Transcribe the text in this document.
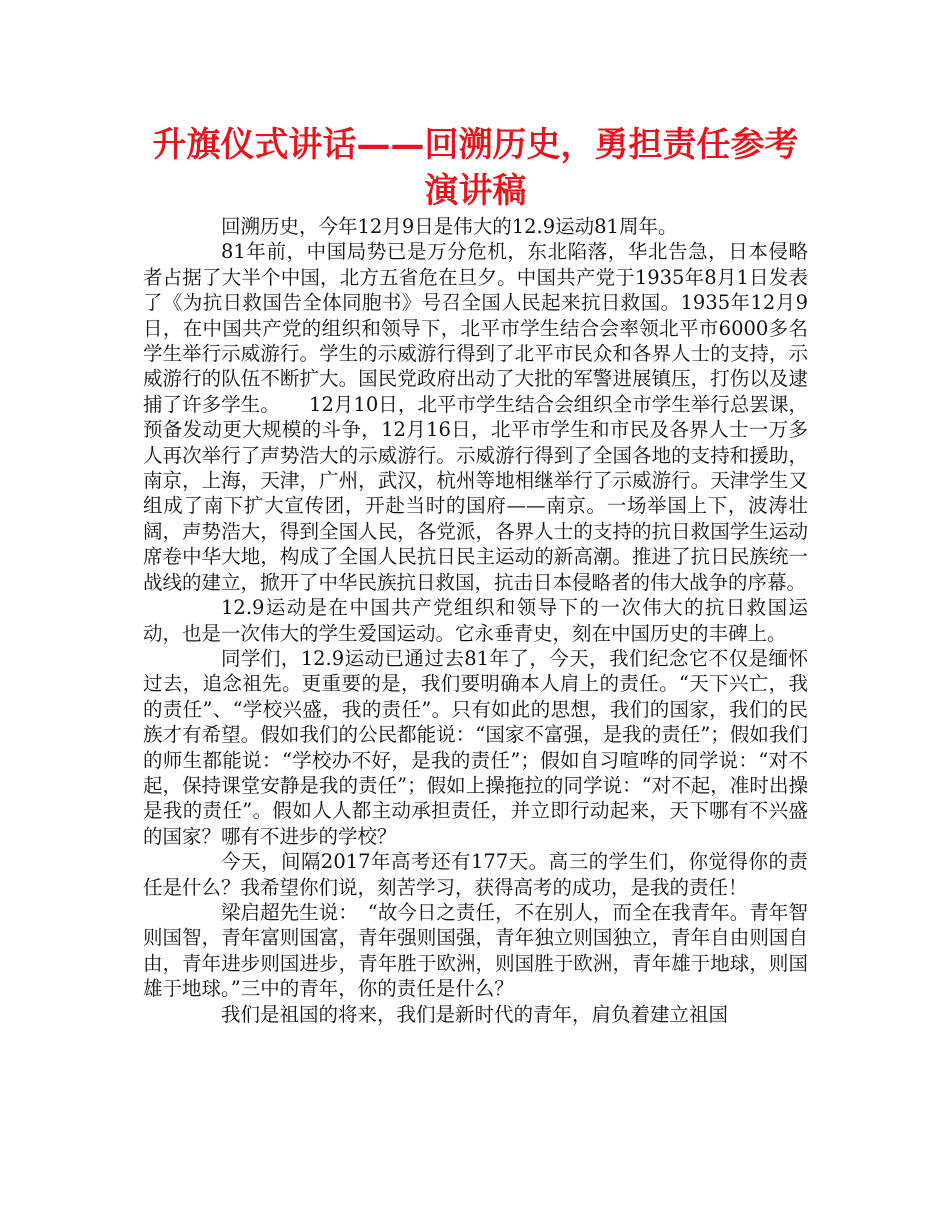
升旗仪式讲话——回溯历史，勇担责任参考演讲稿

回溯历史，今年12月9日是伟大的12.9运动81周年。

81年前，中国局势已是万分危机，东北陷落，华北告急，日本侵略者占据了大半个中国，北方五省危在旦夕。中国共产党于1935年8月1日发表了《为抗日救国告全体同胞书》号召全国人民起来抗日救国。1935年12月9日，在中国共产党的组织和领导下，北平市学生结合会率领北平市6000多名学生举行示威游行。学生的示威游行得到了北平市民众和各界人士的支持，示威游行的队伍不断扩大。国民党政府出动了大批的军警进展镇压，打伤以及逮捕了许多学生。　　12月10日，北平市学生结合会组织全市学生举行总罢课，预备发动更大规模的斗争，12月16日，北平市学生和市民及各界人士一万多人再次举行了声势浩大的示威游行。示威游行得到了全国各地的支持和援助，南京，上海，天津，广州，武汉，杭州等地相继举行了示威游行。天津学生又组成了南下扩大宣传团，开赴当时的国府——南京。一场举国上下，波涛壮阔，声势浩大，得到全国人民，各党派，各界人士的支持的抗日救国学生运动席卷中华大地，构成了全国人民抗日民主运动的新高潮。推进了抗日民族统一战线的建立，掀开了中华民族抗日救国，抗击日本侵略者的伟大战争的序幕。

12.9运动是在中国共产党组织和领导下的一次伟大的抗日救国运动，也是一次伟大的学生爱国运动。它永垂青史，刻在中国历史的丰碑上。

同学们，12.9运动已通过去81年了，今天，我们纪念它不仅是缅怀过去，追念祖先。更重要的是，我们要明确本人肩上的责任。“天下兴亡，我的责任”、“学校兴盛，我的责任”。只有如此的思想，我们的国家，我们的民族才有希望。假如我们的公民都能说：“国家不富强，是我的责任”；假如我们的师生都能说：“学校办不好，是我的责任”；假如自习喧哗的同学说：“对不起，保持课堂安静是我的责任”；假如上操拖拉的同学说：“对不起，准时出操是我的责任”。假如人人都主动承担责任，并立即行动起来，天下哪有不兴盛的国家？哪有不进步的学校？

今天，间隔2017年高考还有177天。高三的学生们，你觉得你的责任是什么？我希望你们说，刻苦学习，获得高考的成功，是我的责任！

梁启超先生说：　“故今日之责任，不在别人，而全在我青年。青年智则国智，青年富则国富，青年强则国强，青年独立则国独立，青年自由则国自由，青年进步则国进步，青年胜于欧洲，则国胜于欧洲，青年雄于地球，则国雄于地球。”三中的青年，你的责任是什么？

我们是祖国的将来，我们是新时代的青年，肩负着建立祖国
